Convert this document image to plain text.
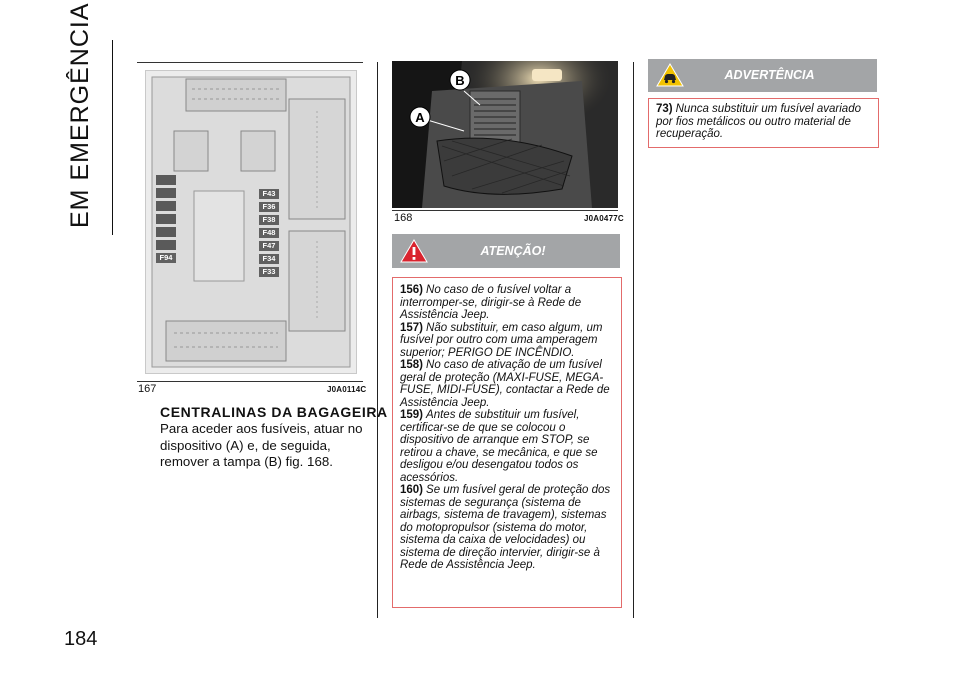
EM EMERGÊNCIA
184
F94
F43
F36
F38
F48
F47
F34
F33
167	J0A0114C
CENTRALINAS DA BAGAGEIRA
Para aceder aos fusíveis, atuar no dispositivo (A) e, de seguida, remover a tampa (B) fig. 168.
A
B
168	J0A0477C
ATENÇÃO!

156) No caso de o fusível voltar a interromper-se, dirigir-se à Rede de Assistência Jeep.

157) Não substituir, em caso algum, um fusível por outro com uma amperagem superior; PERIGO DE INCÊNDIO.

158) No caso de ativação de um fusível geral de proteção (MAXI-FUSE, MEGA-FUSE, MIDI-FUSE), contactar a Rede de Assistência Jeep.

159) Antes de substituir um fusível, certificar-se de que se colocou o dispositivo de arranque em STOP, se retirou a chave, se mecânica, e que se desligou e/ou desengatou todos os acessórios.

160) Se um fusível geral de proteção dos sistemas de segurança (sistema de airbags, sistema de travagem), sistemas do motopropulsor (sistema do motor, sistema da caixa de velocidades) ou sistema de direção intervier, dirigir-se à Rede de Assistência Jeep.

ADVERTÊNCIA

73) Nunca substituir um fusível avariado por fios metálicos ou outro material de recuperação.
